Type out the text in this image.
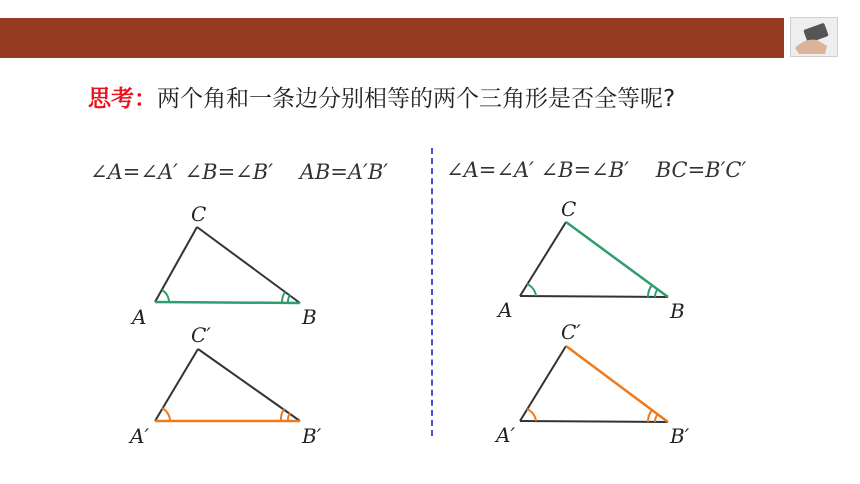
思考：两个角和一条边分别相等的两个三角形是否全等呢?
∠A=∠A′ ∠B=∠B′ AB=A′B′	∠A=∠A′ ∠B=∠B′ BC=B′C′
A	B
C
A′	B′
C′
A	B
C
A′	B′
C′
